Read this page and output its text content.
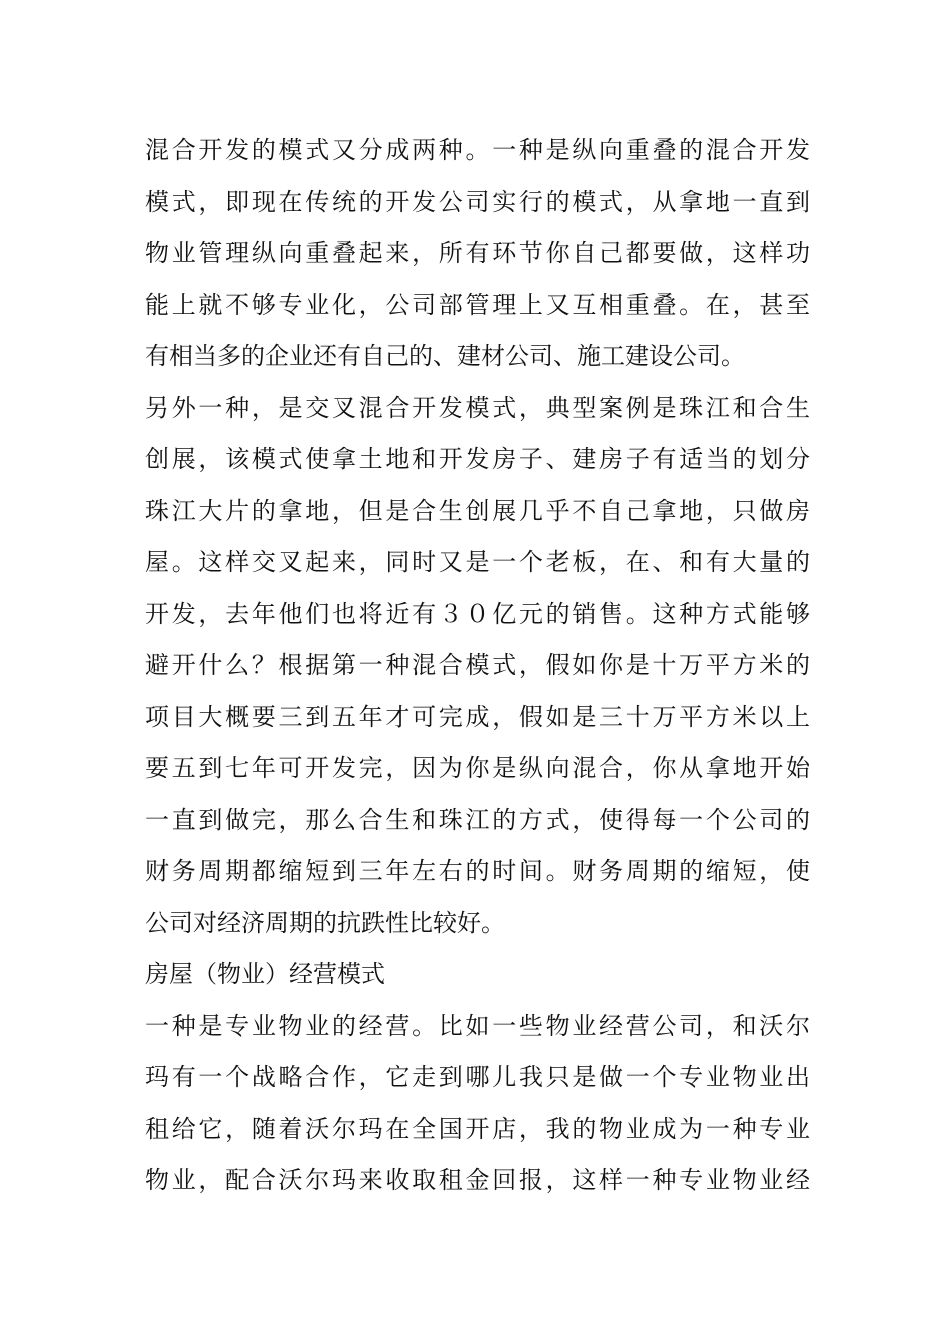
混合开发的模式又分成两种。一种是纵向重叠的混合开发
模式，即现在传统的开发公司实行的模式，从拿地一直到
物业管理纵向重叠起来，所有环节你自己都要做，这样功
能上就不够专业化，公司部管理上又互相重叠。在，甚至
有相当多的企业还有自己的、建材公司、施工建设公司。
另外一种，是交叉混合开发模式，典型案例是珠江和合生
创展，该模式使拿土地和开发房子、建房子有适当的划分
珠江大片的拿地，但是合生创展几乎不自己拿地，只做房
屋。这样交叉起来，同时又是一个老板，在、和有大量的
开发，去年他们也将近有３０亿元的销售。这种方式能够
避开什么？根据第一种混合模式，假如你是十万平方米的
项目大概要三到五年才可完成，假如是三十万平方米以上
要五到七年可开发完，因为你是纵向混合，你从拿地开始
一直到做完，那么合生和珠江的方式，使得每一个公司的
财务周期都缩短到三年左右的时间。财务周期的缩短，使
公司对经济周期的抗跌性比较好。
房屋（物业）经营模式
一种是专业物业的经营。比如一些物业经营公司，和沃尔
玛有一个战略合作，它走到哪儿我只是做一个专业物业出
租给它，随着沃尔玛在全国开店，我的物业成为一种专业
物业，配合沃尔玛来收取租金回报，这样一种专业物业经
